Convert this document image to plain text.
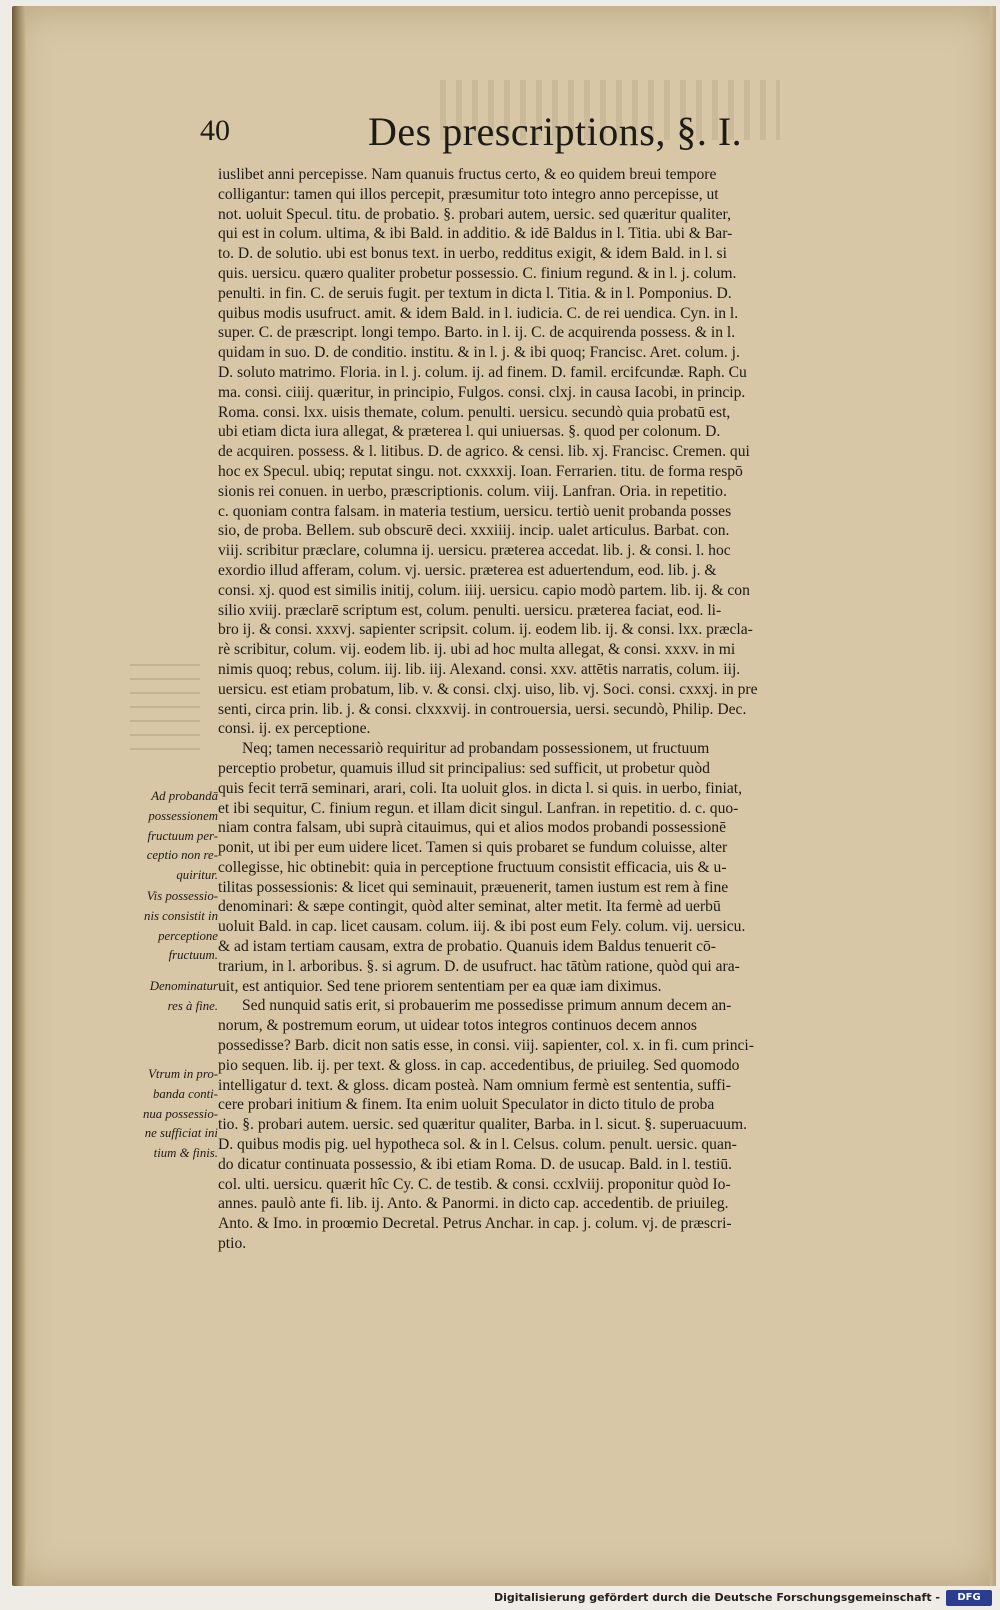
40	Des prescriptions, §. I.
iuslibet anni percepisse. Nam quanuis fructus certo, & eo quidem breui tempore
colligantur: tamen qui illos percepit, præsumitur toto integro anno percepisse, ut
not. uoluit Specul. titu. de probatio. §. probari autem, uersic. sed quæritur qualiter,
qui est in colum. ultima, & ibi Bald. in additio. & idē Baldus in l. Titia. ubi & Bar-
to. D. de solutio. ubi est bonus text. in uerbo, redditus exigit, & idem Bald. in l. si
quis. uersicu. quæro qualiter probetur possessio. C. finium regund. & in l. j. colum.
penulti. in fin. C. de seruis fugit. per textum in dicta l. Titia. & in l. Pomponius. D.
quibus modis usufruct. amit. & idem Bald. in l. iudicia. C. de rei uendica. Cyn. in l.
super. C. de præscript. longi tempo. Barto. in l. ij. C. de acquirenda possess. & in l.
quidam in suo. D. de conditio. institu. & in l. j. & ibi quoq; Francisc. Aret. colum. j.
D. soluto matrimo. Floria. in l. j. colum. ij. ad finem. D. famil. ercifcundæ. Raph. Cu
ma. consi. ciiij. quæritur, in principio, Fulgos. consi. clxj. in causa Iacobi, in princip.
Roma. consi. lxx. uisis themate, colum. penulti. uersicu. secundò quia probatū est,
ubi etiam dicta iura allegat, & præterea l. qui uniuersas. §. quod per colonum. D.
de acquiren. possess. & l. litibus. D. de agrico. & censi. lib. xj. Francisc. Cremen. qui
hoc ex Specul. ubiq; reputat singu. not. cxxxxij. Ioan. Ferrarien. titu. de forma respō
sionis rei conuen. in uerbo, præscriptionis. colum. viij. Lanfran. Oria. in repetitio.
c. quoniam contra falsam. in materia testium, uersicu. tertiò uenit probanda posses
sio, de proba. Bellem. sub obscurē deci. xxxiiij. incip. ualet articulus. Barbat. con.
viij. scribitur præclare, columna ij. uersicu. præterea accedat. lib. j. & consi. l. hoc
exordio illud afferam, colum. vj. uersic. præterea est aduertendum, eod. lib. j. &
consi. xj. quod est similis initij, colum. iiij. uersicu. capio modò partem. lib. ij. & con
silio xviij. præclarē scriptum est, colum. penulti. uersicu. præterea faciat, eod. li-
bro ij. & consi. xxxvj. sapienter scripsit. colum. ij. eodem lib. ij. & consi. lxx. præcla-
rè scribitur, colum. vij. eodem lib. ij. ubi ad hoc multa allegat, & consi. xxxv. in mi
nimis quoq; rebus, colum. iij. lib. iij. Alexand. consi. xxv. attētis narratis, colum. iij.
uersicu. est etiam probatum, lib. v. & consi. clxj. uiso, lib. vj. Soci. consi. cxxxj. in pre
senti, circa prin. lib. j. & consi. clxxxvij. in controuersia, uersi. secundò, Philip. Dec.
consi. ij. ex perceptione.
Neq; tamen necessariò requiritur ad probandam possessionem, ut fructuum
perceptio probetur, quamuis illud sit principalius: sed sufficit, ut probetur quòd
quis fecit terrā seminari, arari, coli. Ita uoluit glos. in dicta l. si quis. in uerbo, finiat,
et ibi sequitur, C. finium regun. et illam dicit singul. Lanfran. in repetitio. d. c. quo-
niam contra falsam, ubi suprà citauimus, qui et alios modos probandi possessionē
ponit, ut ibi per eum uidere licet. Tamen si quis probaret se fundum coluisse, alter
collegisse, hic obtinebit: quia in perceptione fructuum consistit efficacia, uis & u-
tilitas possessionis: & licet qui seminauit, præuenerit, tamen iustum est rem à fine
denominari: & sæpe contingit, quòd alter seminat, alter metit. Ita fermè ad uerbū
uoluit Bald. in cap. licet causam. colum. iij. & ibi post eum Fely. colum. vij. uersicu.
& ad istam tertiam causam, extra de probatio. Quanuis idem Baldus tenuerit cō-
trarium, in l. arboribus. §. si agrum. D. de usufruct. hac tātùm ratione, quòd qui ara-
uit, est antiquior. Sed tene priorem sententiam per ea quæ iam diximus.
Sed nunquid satis erit, si probauerim me possedisse primum annum decem an-
norum, & postremum eorum, ut uidear totos integros continuos decem annos
possedisse? Barb. dicit non satis esse, in consi. viij. sapienter, col. x. in fi. cum princi-
pio sequen. lib. ij. per text. & gloss. in cap. accedentibus, de priuileg. Sed quomodo
intelligatur d. text. & gloss. dicam posteà. Nam omnium fermè est sententia, suffi-
cere probari initium & finem. Ita enim uoluit Speculator in dicto titulo de proba
tio. §. probari autem. uersic. sed quæritur qualiter, Barba. in l. sicut. §. superuacuum.
D. quibus modis pig. uel hypotheca sol. & in l. Celsus. colum. penult. uersic. quan-
do dicatur continuata possessio, & ibi etiam Roma. D. de usucap. Bald. in l. testiū.
col. ulti. uersicu. quærit hîc Cy. C. de testib. & consi. ccxlviij. proponitur quòd Io-
annes. paulò ante fi. lib. ij. Anto. & Panormi. in dicto cap. accedentib. de priuileg.
Anto. & Imo. in proœmio Decretal. Petrus Anchar. in cap. j. colum. vj. de præscri-
ptio.
Ad probandā
possessionem
fructuum per-
ceptio non re-
quiritur.
Vis possessio-
nis consistit in
perceptione
fructuum.
Denominatur
res à fine.
Vtrum in pro-
banda conti-
nua possessio-
ne sufficiat ini
tium & finis.
Digitalisierung gefördert durch die Deutsche Forschungsgemeinschaft -	DFG
